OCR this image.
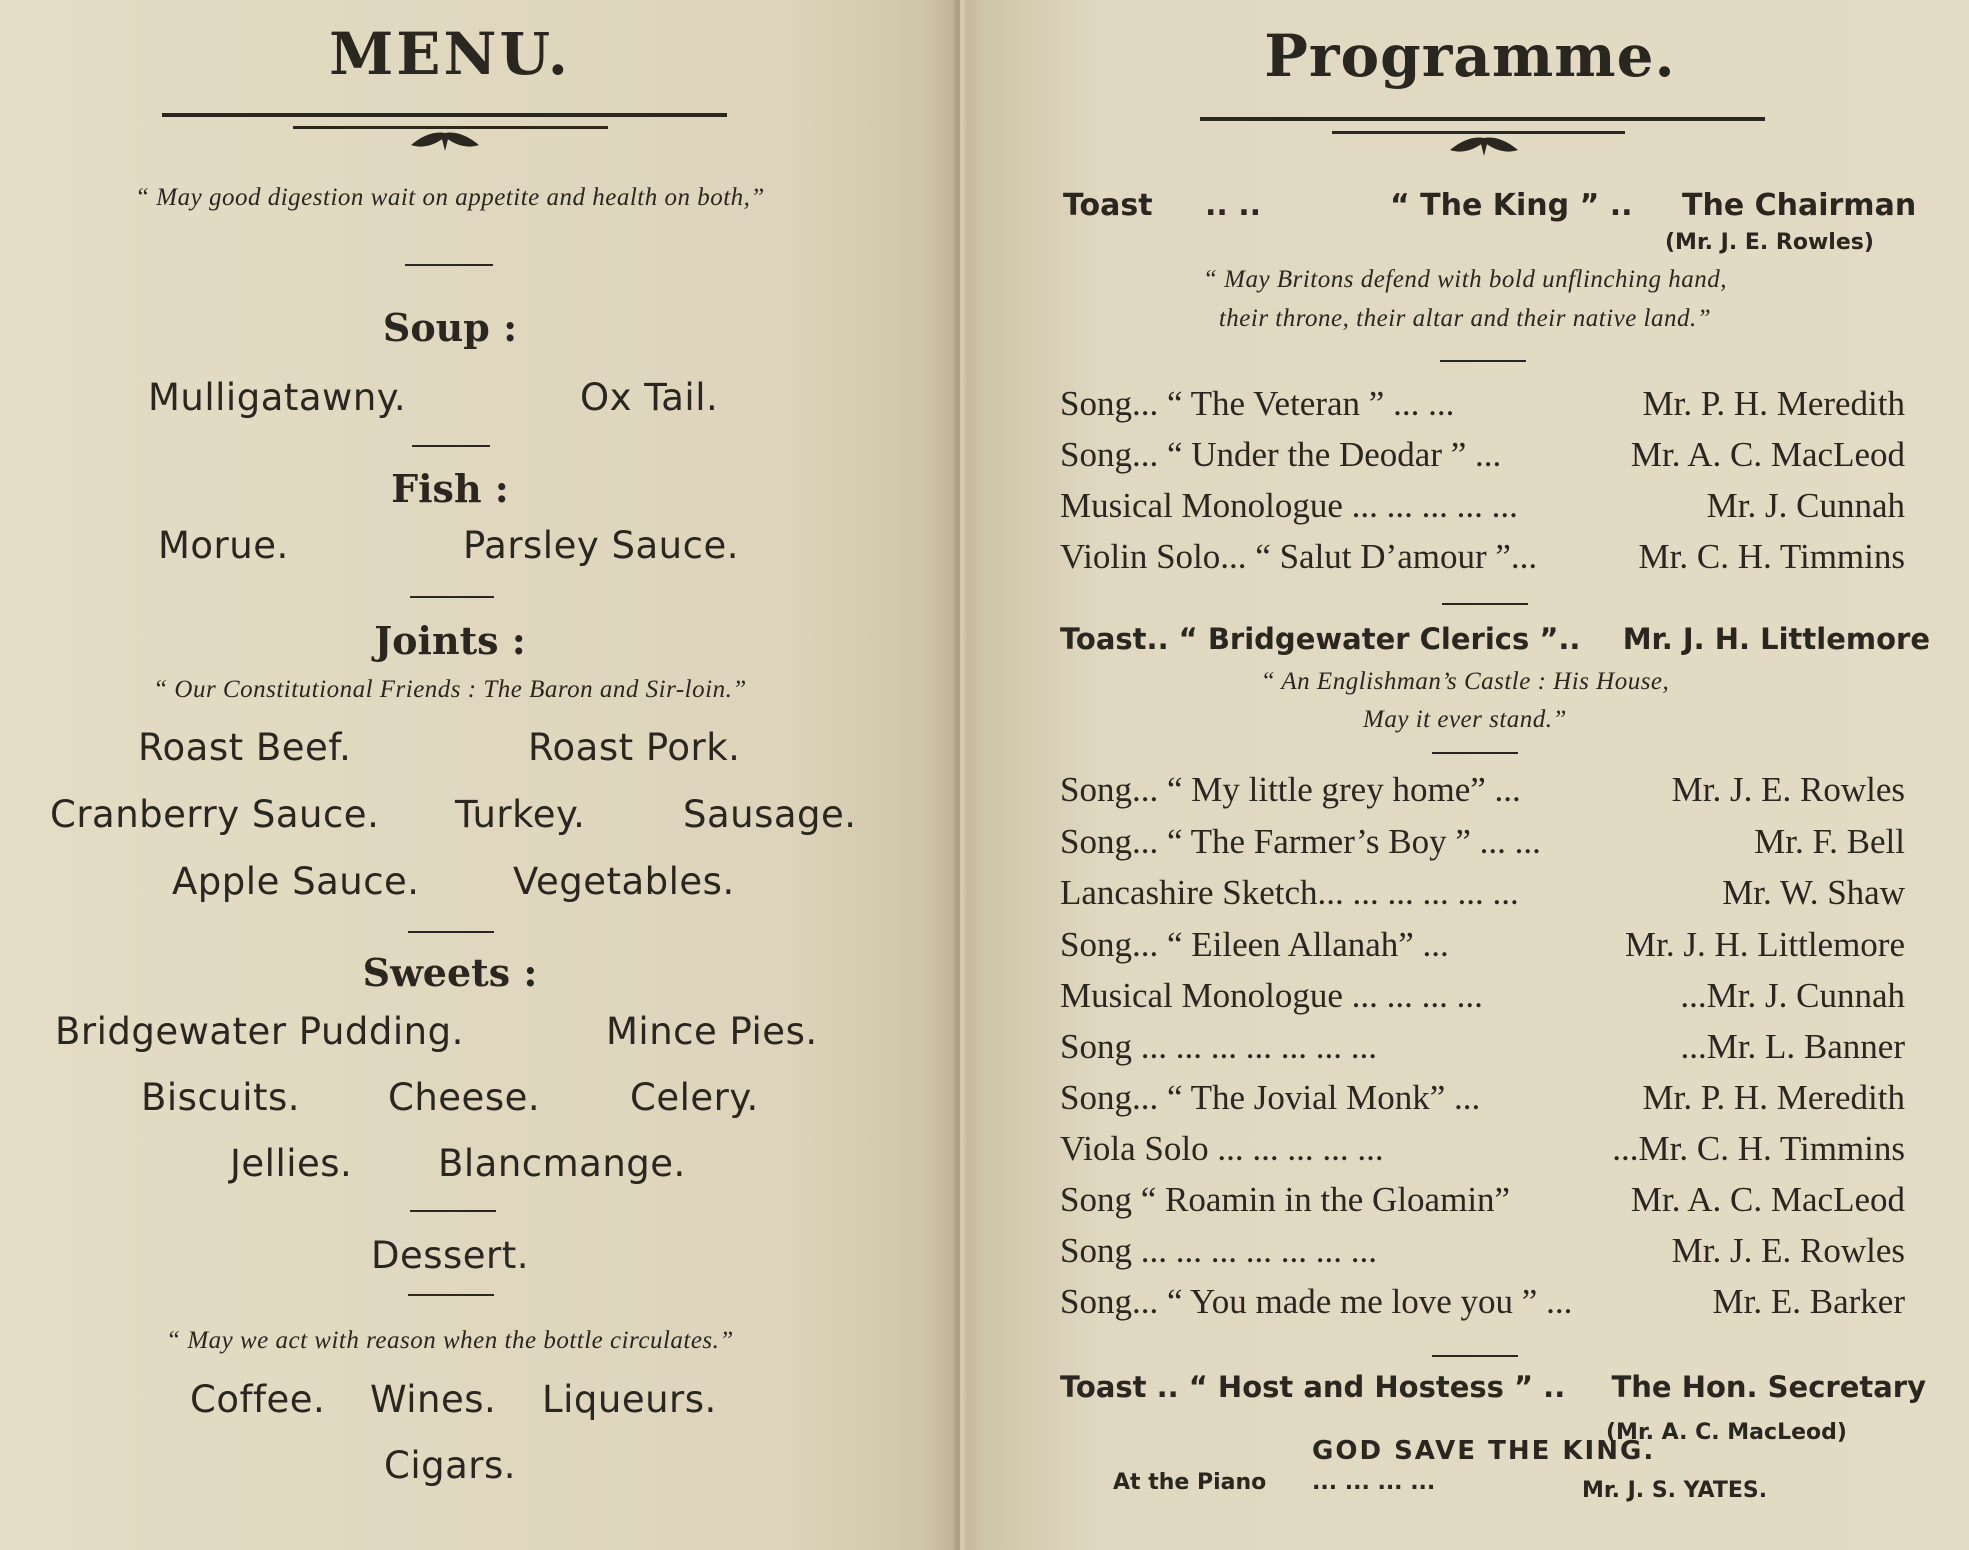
MENU.
“ May good digestion wait on appetite and health on both,”
Soup :
Mulligatawny.	Ox Tail.
Fish :
Morue.	Parsley Sauce.
Joints :
“ Our Constitutional Friends : The Baron and Sir-loin.”
Roast Beef.	Roast Pork.
Cranberry Sauce. Turkey.	Sausage.
Apple Sauce.	Vegetables.
Sweets :
Bridgewater Pudding.	Mince Pies.
Biscuits. Cheese. Celery.
Jellies. Blancmange.
Dessert.
“ May we act with reason when the bottle circulates.”
Coffee. Wines. Liqueurs.
Cigars.
Programme.
Toast .. ..	“ The King ” .. The Chairman
(Mr. J. E. Rowles)
“ May Britons defend with bold unflinching hand,
their throne, their altar and their native land.”
Song... “ The Veteran ” ... ...	Mr. P. H. Meredith
Song... “ Under the Deodar ” ...	Mr. A. C. MacLeod
Musical Monologue ... ... ... ... ...	Mr. J. Cunnah
Violin Solo... “ Salut D’amour ”...	Mr. C. H. Timmins
Toast.. “ Bridgewater Clerics ”.. Mr. J. H. Littlemore
“ An Englishman’s Castle : His House,
May it ever stand.”
Song... “ My little grey home” ...	Mr. J. E. Rowles
Song... “ The Farmer’s Boy ” ... ...	Mr. F. Bell
Lancashire Sketch... ... ... ... ... ...	Mr. W. Shaw
Song... “ Eileen Allanah” ...	Mr. J. H. Littlemore
Musical Monologue ... ... ... ...	...Mr. J. Cunnah
Song ... ... ... ... ... ... ...	...Mr. L. Banner
Song... “ The Jovial Monk” ...	Mr. P. H. Meredith
Viola Solo ... ... ... ... ...	...Mr. C. H. Timmins
Song “ Roamin in the Gloamin”	Mr. A. C. MacLeod
Song ... ... ... ... ... ... ...	Mr. J. E. Rowles
Song... “ You made me love you ” ...	Mr. E. Barker
Toast .. “ Host and Hostess ” .. The Hon. Secretary
(Mr. A. C. MacLeod)
GOD SAVE THE KING.
At the Piano ... ... ... ...	Mr. J. S. YATES.
